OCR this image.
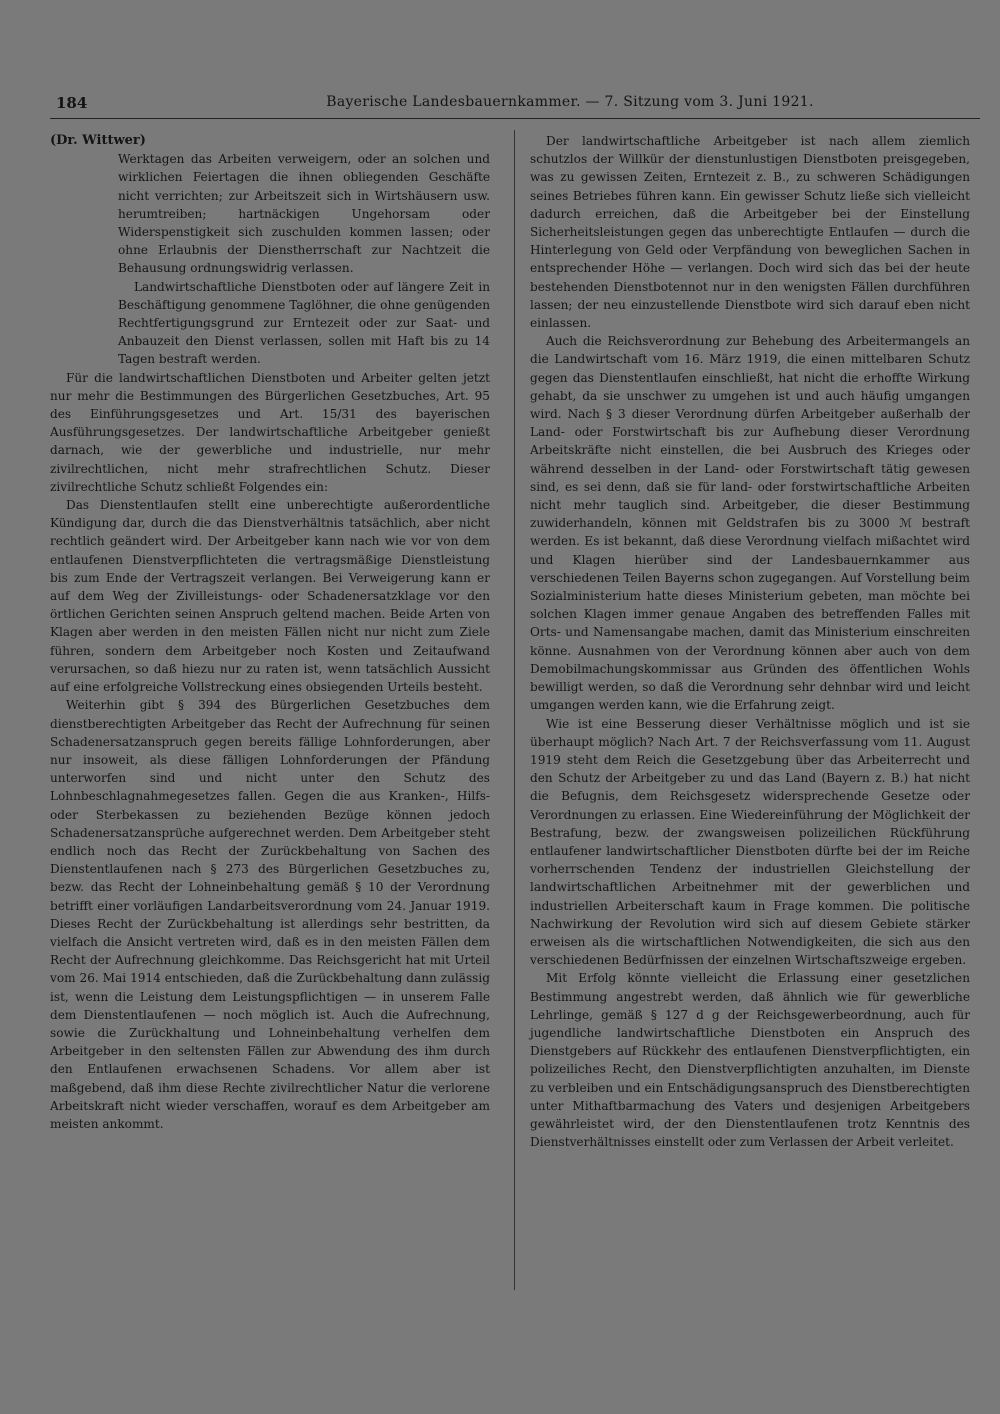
184	Bayerische Landesbauernkammer. — 7. Sitzung vom 3. Juni 1921.

(Dr. Wittwer)

Werktagen das Arbeiten verweigern, oder an solchen und wirklichen Feiertagen die ihnen obliegenden Geschäfte nicht verrichten; zur Arbeitszeit sich in Wirtshäusern usw. herumtreiben; hartnäckigen Ungehorsam oder Widerspenstigkeit sich zuschulden kommen lassen; oder ohne Erlaubnis der Dienstherrschaft zur Nachtzeit die Behausung ordnungswidrig verlassen.

Landwirtschaftliche Dienstboten oder auf längere Zeit in Beschäftigung genommene Taglöhner, die ohne genügenden Rechtfertigungsgrund zur Erntezeit oder zur Saat- und Anbauzeit den Dienst verlassen, sollen mit Haft bis zu 14 Tagen bestraft werden.

Für die landwirtschaftlichen Dienstboten und Arbeiter gelten jetzt nur mehr die Bestimmungen des Bürgerlichen Gesetzbuches, Art. 95 des Einführungsgesetzes und Art. 15/31 des bayerischen Ausführungsgesetzes. Der landwirtschaftliche Arbeitgeber genießt darnach, wie der gewerbliche und industrielle, nur mehr zivilrechtlichen, nicht mehr strafrechtlichen Schutz. Dieser zivilrechtliche Schutz schließt Folgendes ein:

Das Dienstentlaufen stellt eine unberechtigte außerordentliche Kündigung dar, durch die das Dienstverhältnis tatsächlich, aber nicht rechtlich geändert wird. Der Arbeitgeber kann nach wie vor von dem entlaufenen Dienstverpflichteten die vertragsmäßige Dienstleistung bis zum Ende der Vertragszeit verlangen. Bei Verweigerung kann er auf dem Weg der Zivilleistungs- oder Schadenersatzklage vor den örtlichen Gerichten seinen Anspruch geltend machen. Beide Arten von Klagen aber werden in den meisten Fällen nicht nur nicht zum Ziele führen, sondern dem Arbeitgeber noch Kosten und Zeitaufwand verursachen, so daß hiezu nur zu raten ist, wenn tatsächlich Aussicht auf eine erfolgreiche Vollstreckung eines obsiegenden Urteils besteht.

Weiterhin gibt § 394 des Bürgerlichen Gesetzbuches dem dienstberechtigten Arbeitgeber das Recht der Aufrechnung für seinen Schadenersatzanspruch gegen bereits fällige Lohnforderungen, aber nur insoweit, als diese fälligen Lohnforderungen der Pfändung unterworfen sind und nicht unter den Schutz des Lohnbeschlagnahmegesetzes fallen. Gegen die aus Kranken-, Hilfs- oder Sterbekassen zu beziehenden Bezüge können jedoch Schadenersatzansprüche aufgerechnet werden. Dem Arbeitgeber steht endlich noch das Recht der Zurückbehaltung von Sachen des Dienstentlaufenen nach § 273 des Bürgerlichen Gesetzbuches zu, bezw. das Recht der Lohneinbehaltung gemäß § 10 der Verordnung betrifft einer vorläufigen Landarbeitsverordnung vom 24. Januar 1919. Dieses Recht der Zurückbehaltung ist allerdings sehr bestritten, da vielfach die Ansicht vertreten wird, daß es in den meisten Fällen dem Recht der Aufrechnung gleichkomme. Das Reichsgericht hat mit Urteil vom 26. Mai 1914 entschieden, daß die Zurückbehaltung dann zulässig ist, wenn die Leistung dem Leistungspflichtigen — in unserem Falle dem Dienstentlaufenen — noch möglich ist. Auch die Aufrechnung, sowie die Zurückhaltung und Lohneinbehaltung verhelfen dem Arbeitgeber in den seltensten Fällen zur Abwendung des ihm durch den Entlaufenen erwachsenen Schadens. Vor allem aber ist maßgebend, daß ihm diese Rechte zivilrechtlicher Natur die verlorene Arbeitskraft nicht wieder verschaffen, worauf es dem Arbeitgeber am meisten ankommt.

Der landwirtschaftliche Arbeitgeber ist nach allem ziemlich schutzlos der Willkür der dienstunlustigen Dienstboten preisgegeben, was zu gewissen Zeiten, Erntezeit z. B., zu schweren Schädigungen seines Betriebes führen kann. Ein gewisser Schutz ließe sich vielleicht dadurch erreichen, daß die Arbeitgeber bei der Einstellung Sicherheitsleistungen gegen das unberechtigte Entlaufen — durch die Hinterlegung von Geld oder Verpfändung von beweglichen Sachen in entsprechender Höhe — verlangen. Doch wird sich das bei der heute bestehenden Dienstbotennot nur in den wenigsten Fällen durchführen lassen; der neu einzustellende Dienstbote wird sich darauf eben nicht einlassen.

Auch die Reichsverordnung zur Behebung des Arbeitermangels an die Landwirtschaft vom 16. März 1919, die einen mittelbaren Schutz gegen das Dienstentlaufen einschließt, hat nicht die erhoffte Wirkung gehabt, da sie unschwer zu umgehen ist und auch häufig umgangen wird. Nach § 3 dieser Verordnung dürfen Arbeitgeber außerhalb der Land- oder Forstwirtschaft bis zur Aufhebung dieser Verordnung Arbeitskräfte nicht einstellen, die bei Ausbruch des Krieges oder während desselben in der Land- oder Forstwirtschaft tätig gewesen sind, es sei denn, daß sie für land- oder forstwirtschaftliche Arbeiten nicht mehr tauglich sind. Arbeitgeber, die dieser Bestimmung zuwiderhandeln, können mit Geldstrafen bis zu 3000 ℳ bestraft werden. Es ist bekannt, daß diese Verordnung vielfach mißachtet wird und Klagen hierüber sind der Landesbauernkammer aus verschiedenen Teilen Bayerns schon zugegangen. Auf Vorstellung beim Sozialministerium hatte dieses Ministerium gebeten, man möchte bei solchen Klagen immer genaue Angaben des betreffenden Falles mit Orts- und Namensangabe machen, damit das Ministerium einschreiten könne. Ausnahmen von der Verordnung können aber auch von dem Demobilmachungskommissar aus Gründen des öffentlichen Wohls bewilligt werden, so daß die Verordnung sehr dehnbar wird und leicht umgangen werden kann, wie die Erfahrung zeigt.

Wie ist eine Besserung dieser Verhältnisse möglich und ist sie überhaupt möglich? Nach Art. 7 der Reichsverfassung vom 11. August 1919 steht dem Reich die Gesetzgebung über das Arbeiterrecht und den Schutz der Arbeitgeber zu und das Land (Bayern z. B.) hat nicht die Befugnis, dem Reichsgesetz widersprechende Gesetze oder Verordnungen zu erlassen. Eine Wiedereinführung der Möglichkeit der Bestrafung, bezw. der zwangsweisen polizeilichen Rückführung entlaufener landwirtschaftlicher Dienstboten dürfte bei der im Reiche vorherrschenden Tendenz der industriellen Gleichstellung der landwirtschaftlichen Arbeitnehmer mit der gewerblichen und industriellen Arbeiterschaft kaum in Frage kommen. Die politische Nachwirkung der Revolution wird sich auf diesem Gebiete stärker erweisen als die wirtschaftlichen Notwendigkeiten, die sich aus den verschiedenen Bedürfnissen der einzelnen Wirtschaftszweige ergeben.

Mit Erfolg könnte vielleicht die Erlassung einer gesetzlichen Bestimmung angestrebt werden, daß ähnlich wie für gewerbliche Lehrlinge, gemäß § 127 d g der Reichsgewerbeordnung, auch für jugendliche landwirtschaftliche Dienstboten ein Anspruch des Dienstgebers auf Rückkehr des entlaufenen Dienstverpflichtigten, ein polizeiliches Recht, den Dienstverpflichtigten anzuhalten, im Dienste zu verbleiben und ein Entschädigungsanspruch des Dienstberechtigten unter Mithaftbarmachung des Vaters und desjenigen Arbeitgebers gewährleistet wird, der den Dienstentlaufenen trotz Kenntnis des Dienstverhältnisses einstellt oder zum Verlassen der Arbeit verleitet.
